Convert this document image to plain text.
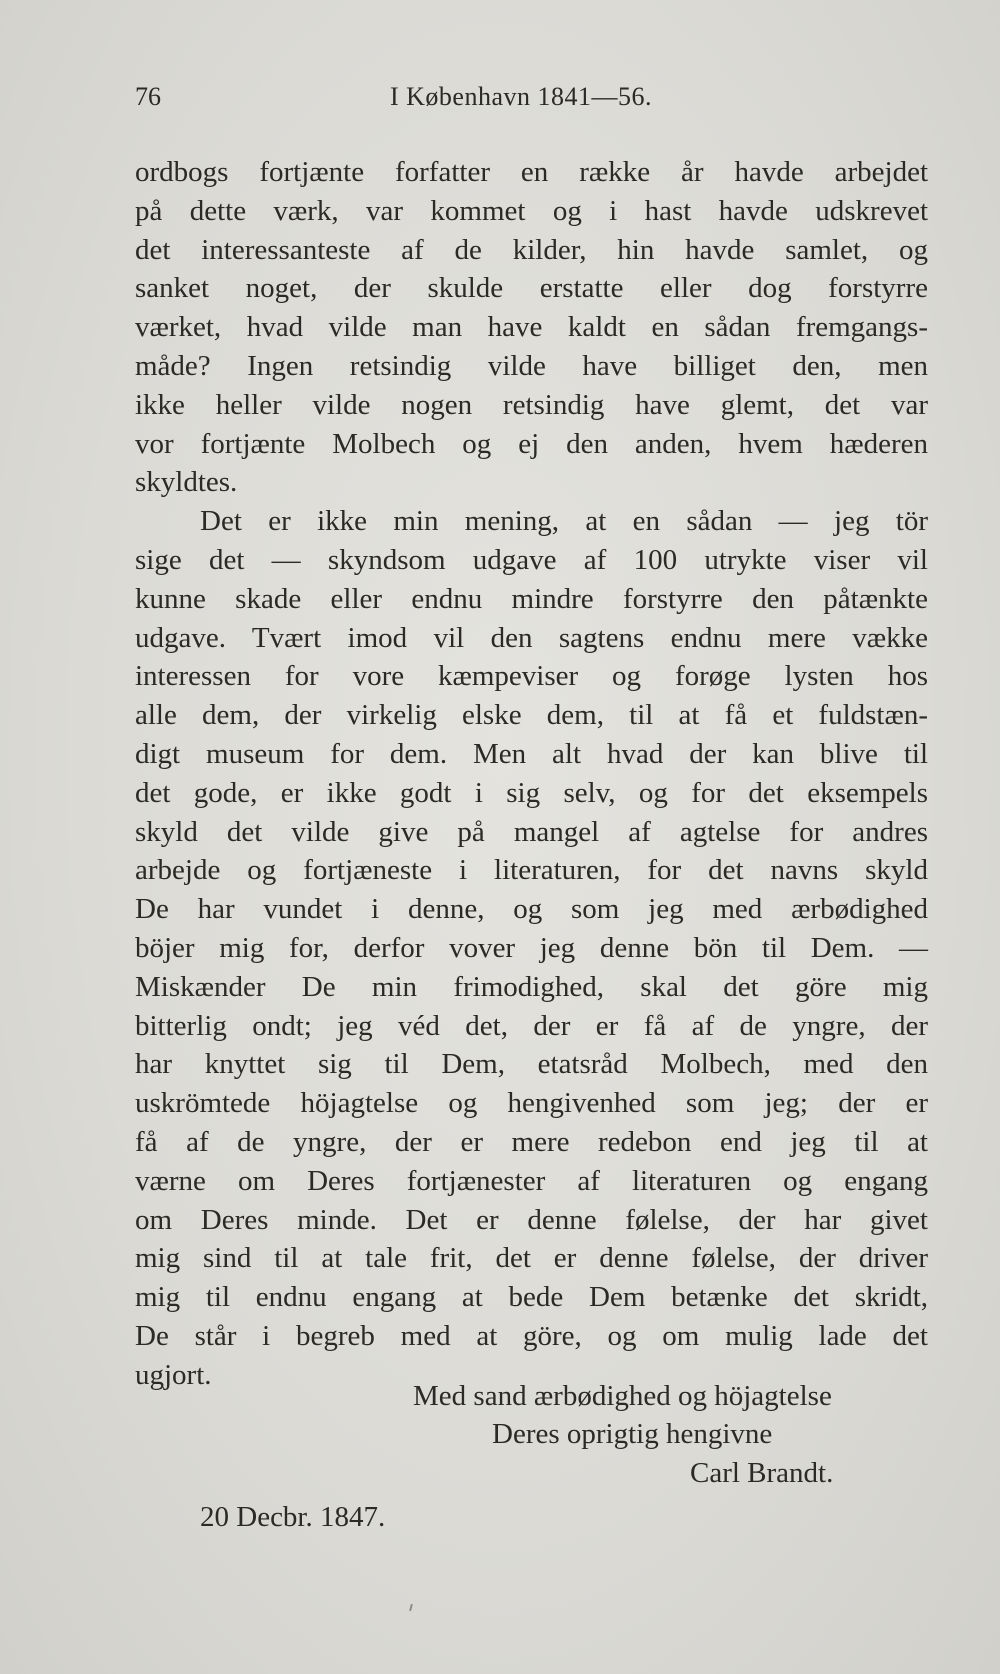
76	I København 1841—56.
ordbogs fortjænte forfatter en række år havde arbejdet
på dette værk, var kommet og i hast havde udskrevet
det interessanteste af de kilder, hin havde samlet, og
sanket noget, der skulde erstatte eller dog forstyrre
værket, hvad vilde man have kaldt en sådan fremgangs-
måde? Ingen retsindig vilde have billiget den, men
ikke heller vilde nogen retsindig have glemt, det var
vor fortjænte Molbech og ej den anden, hvem hæderen
skyldtes.
Det er ikke min mening, at en sådan — jeg tör
sige det — skyndsom udgave af 100 utrykte viser vil
kunne skade eller endnu mindre forstyrre den påtænkte
udgave. Tvært imod vil den sagtens endnu mere vække
interessen for vore kæmpeviser og forøge lysten hos
alle dem, der virkelig elske dem, til at få et fuldstæn-
digt museum for dem. Men alt hvad der kan blive til
det gode, er ikke godt i sig selv, og for det eksempels
skyld det vilde give på mangel af agtelse for andres
arbejde og fortjæneste i literaturen, for det navns skyld
De har vundet i denne, og som jeg med ærbødighed
böjer mig for, derfor vover jeg denne bön til Dem. —
Miskænder De min frimodighed, skal det göre mig
bitterlig ondt; jeg véd det, der er få af de yngre, der
har knyttet sig til Dem, etatsråd Molbech, med den
uskrömtede höjagtelse og hengivenhed som jeg; der er
få af de yngre, der er mere redebon end jeg til at
værne om Deres fortjænester af literaturen og engang
om Deres minde. Det er denne følelse, der har givet
mig sind til at tale frit, det er denne følelse, der driver
mig til endnu engang at bede Dem betænke det skridt,
De står i begreb med at göre, og om mulig lade det
ugjort.
Med sand ærbødighed og höjagtelse
Deres oprigtig hengivne
Carl Brandt.
20 Decbr. 1847.
